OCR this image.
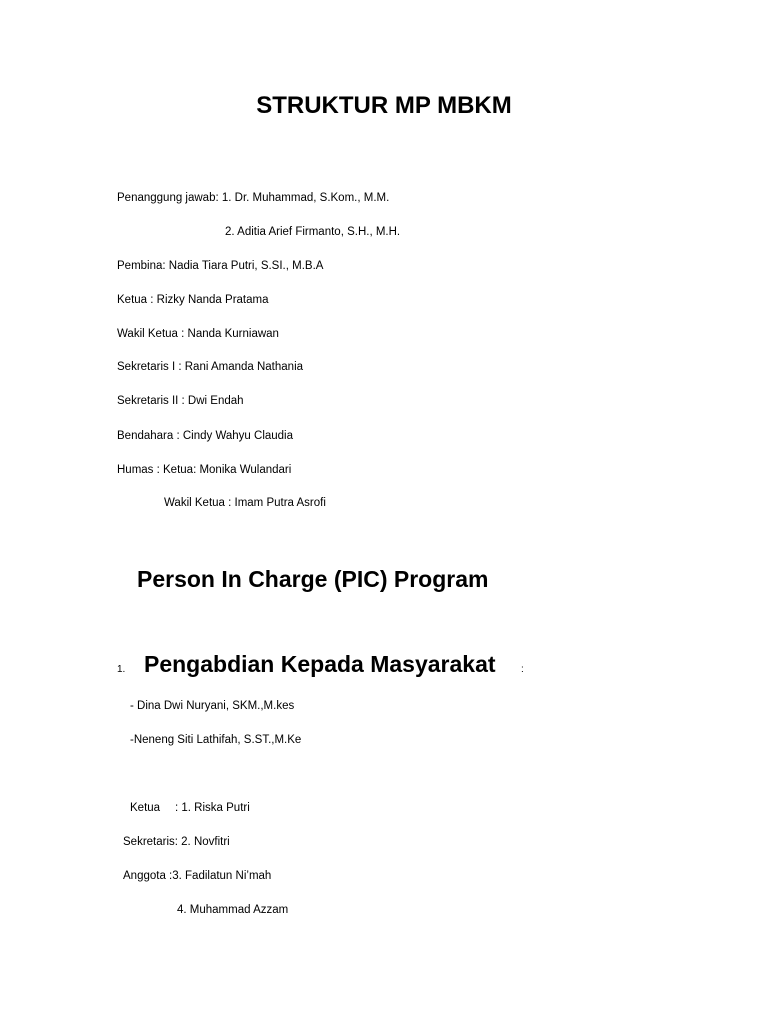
STRUKTUR MP MBKM
Penanggung jawab: 1. Dr. Muhammad, S.Kom., M.M.
2. Aditia Arief Firmanto, S.H., M.H.
Pembina: Nadia Tiara Putri, S.SI., M.B.A
Ketua : Rizky Nanda Pratama
Wakil Ketua : Nanda Kurniawan
Sekretaris I : Rani Amanda Nathania
Sekretaris II : Dwi Endah
Bendahara : Cindy Wahyu Claudia
Humas : Ketua: Monika Wulandari
Wakil Ketua : Imam Putra Asrofi
Person In Charge (PIC) Program
1. Pengabdian Kepada Masyarakat	:
- Dina Dwi Nuryani, SKM.,M.kes
-Neneng Siti Lathifah, S.ST.,M.Ke
Ketua : 1. Riska Putri
Sekretaris: 2. Novfitri
Anggota :3. Fadilatun Ni’mah
4. Muhammad Azzam
